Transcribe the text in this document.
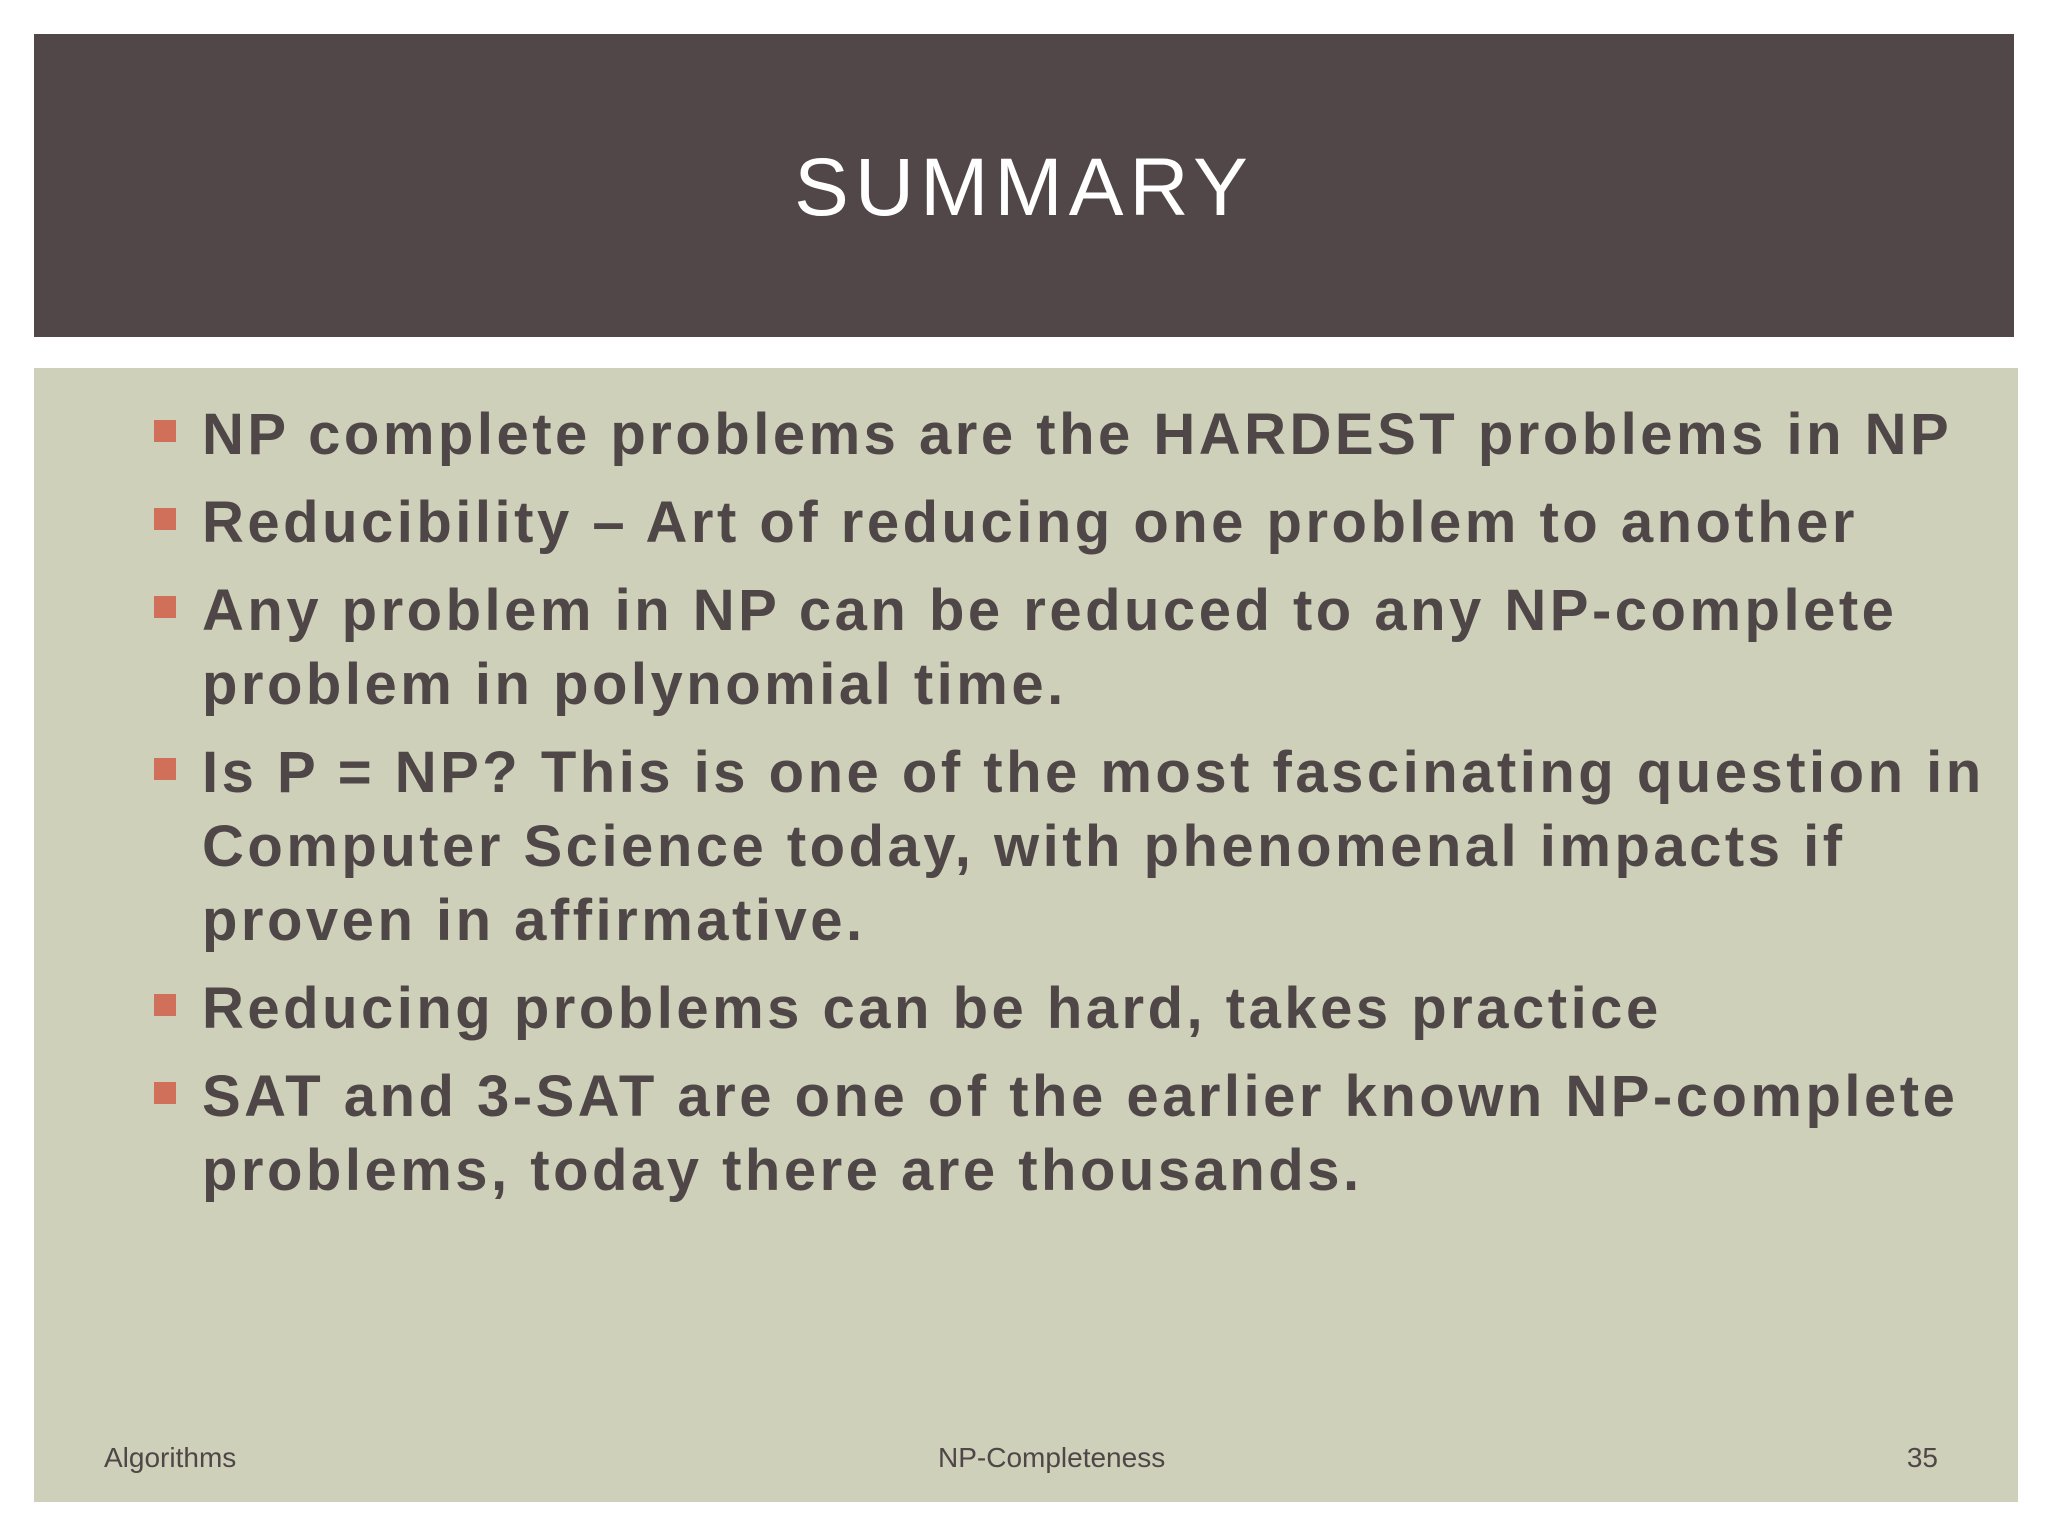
SUMMARY
NP complete problems are the HARDEST problems in NP
Reducibility – Art of reducing one problem to another
Any problem in NP can be reduced to any NP-complete problem in polynomial time.
Is P = NP? This is one of the most fascinating question in Computer Science today, with phenomenal impacts if proven in affirmative.
Reducing problems can be hard, takes practice
SAT and 3-SAT are one of the earlier known NP-complete problems, today there are thousands.
Algorithms	NP-Completeness	35
